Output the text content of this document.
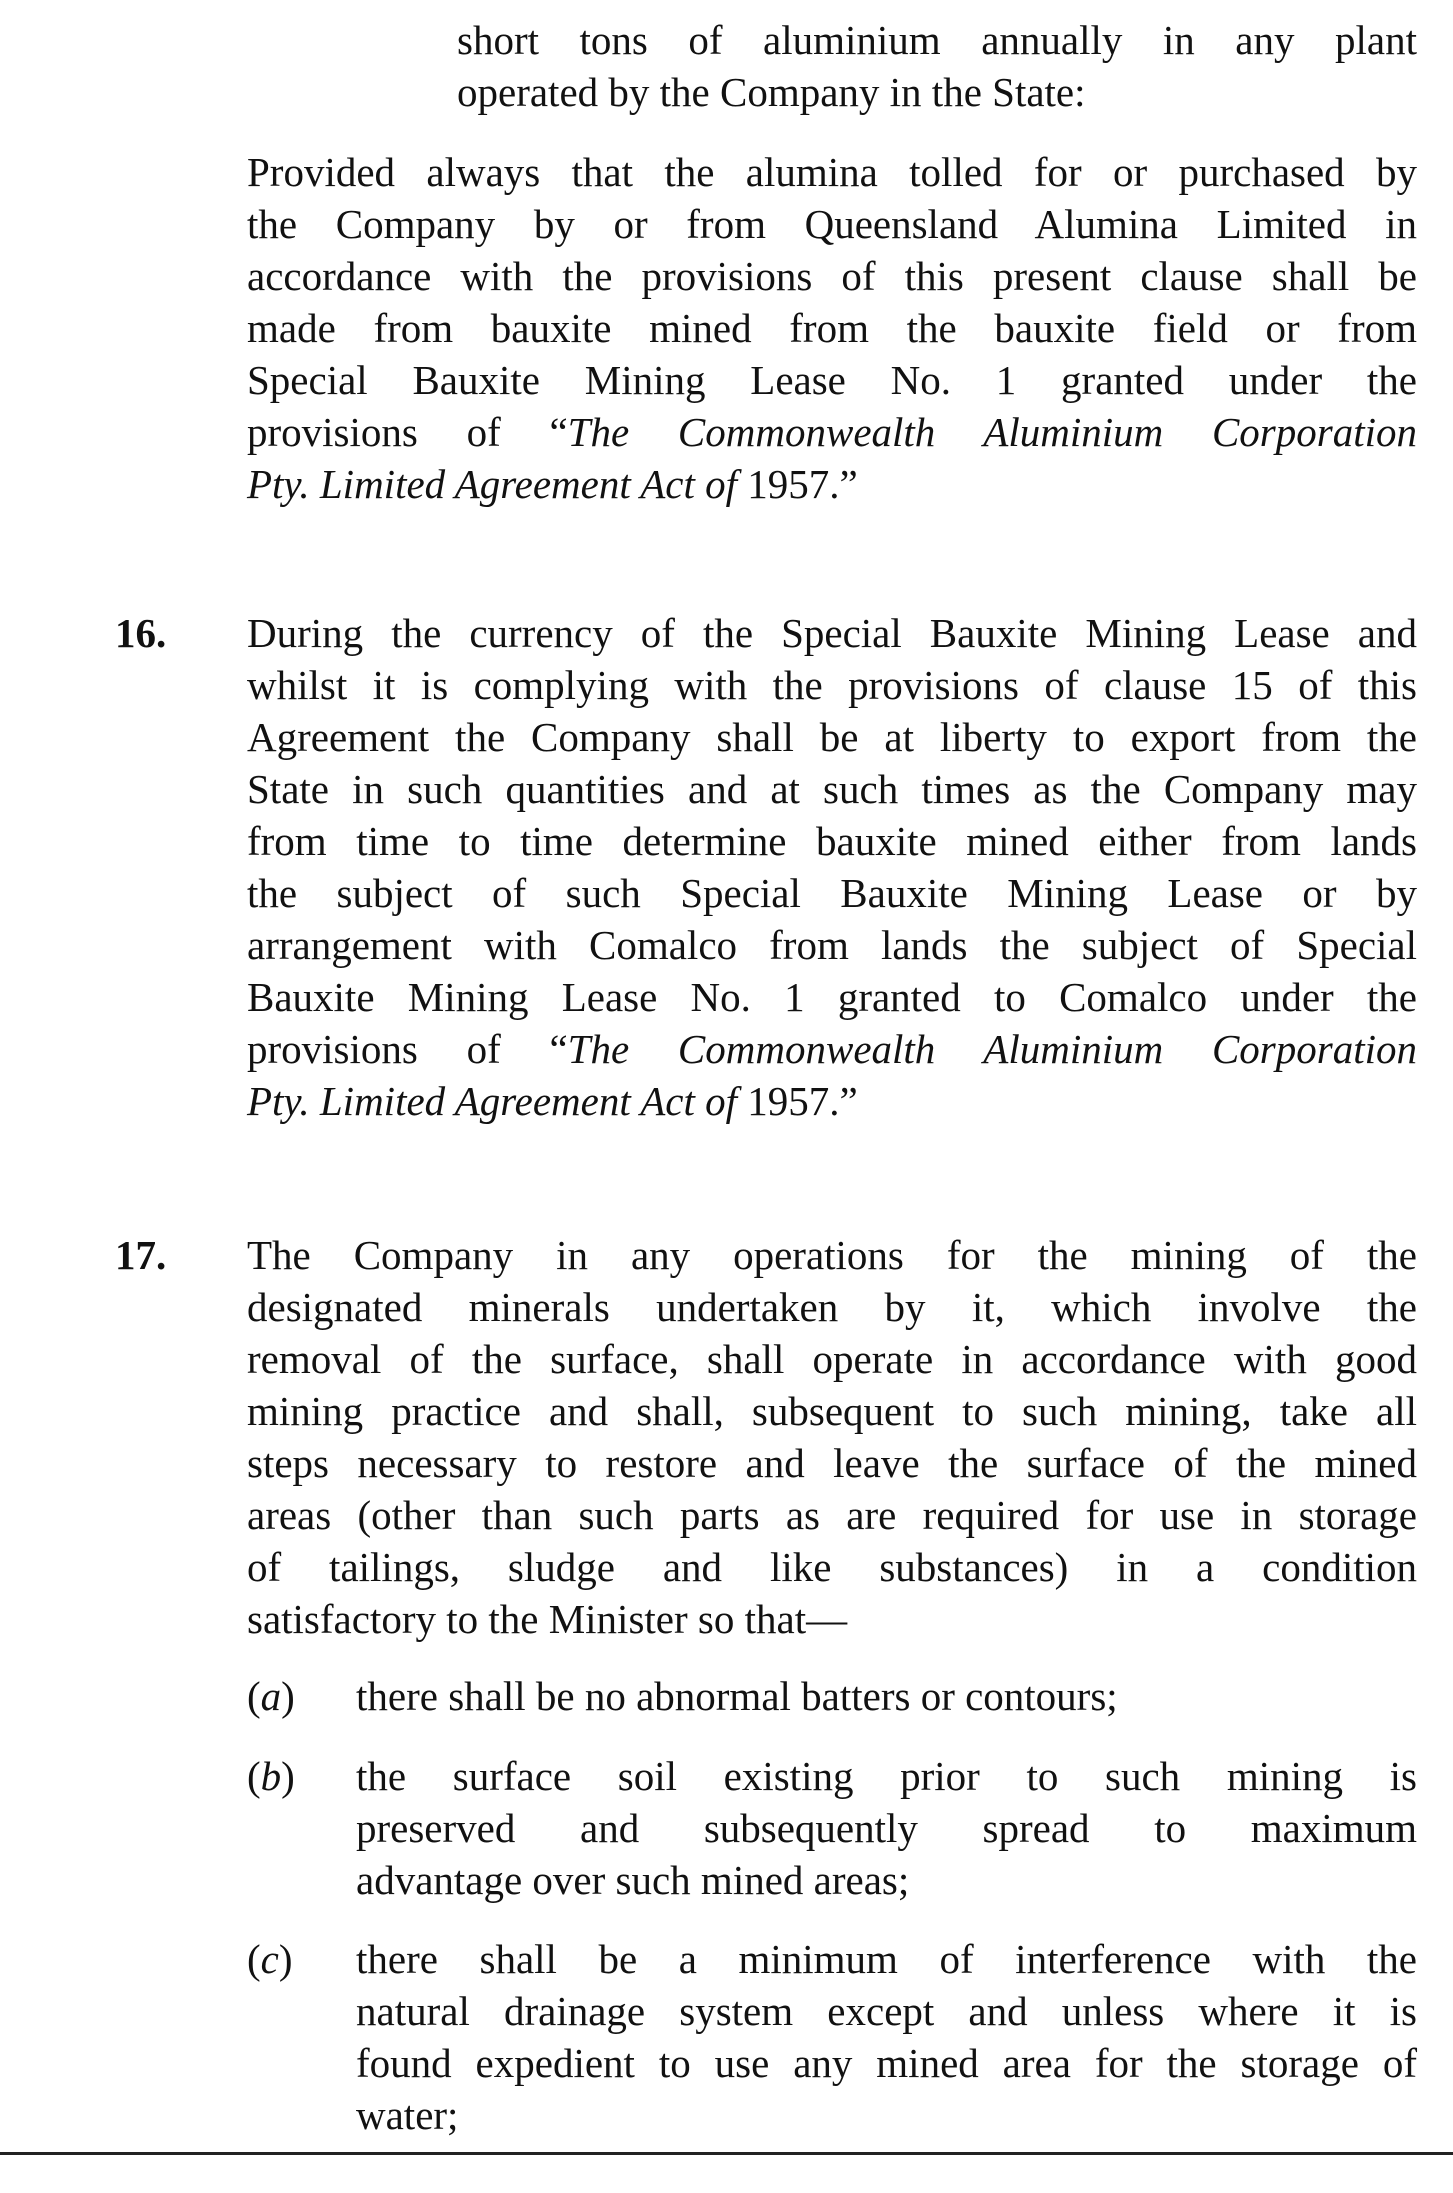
short tons of aluminium annually in any plant
operated by the Company in the State:
Provided always that the alumina tolled for or purchased by
the Company by or from Queensland Alumina Limited in
accordance with the provisions of this present clause shall be
made from bauxite mined from the bauxite field or from
Special Bauxite Mining Lease No. 1 granted under the
provisions of “The Commonwealth Aluminium Corporation
Pty. Limited Agreement Act of 1957.”
16. During the currency of the Special Bauxite Mining Lease and
whilst it is complying with the provisions of clause 15 of this
Agreement the Company shall be at liberty to export from the
State in such quantities and at such times as the Company may
from time to time determine bauxite mined either from lands
the subject of such Special Bauxite Mining Lease or by
arrangement with Comalco from lands the subject of Special
Bauxite Mining Lease No. 1 granted to Comalco under the
provisions of “The Commonwealth Aluminium Corporation
Pty. Limited Agreement Act of 1957.”
17. The Company in any operations for the mining of the
designated minerals undertaken by it, which involve the
removal of the surface, shall operate in accordance with good
mining practice and shall, subsequent to such mining, take all
steps necessary to restore and leave the surface of the mined
areas (other than such parts as are required for use in storage
of tailings, sludge and like substances) in a condition
satisfactory to the Minister so that—
(a) there shall be no abnormal batters or contours;
(b) the surface soil existing prior to such mining is
preserved and subsequently spread to maximum
advantage over such mined areas;
(c) there shall be a minimum of interference with the
natural drainage system except and unless where it is
found expedient to use any mined area for the storage of
water;
